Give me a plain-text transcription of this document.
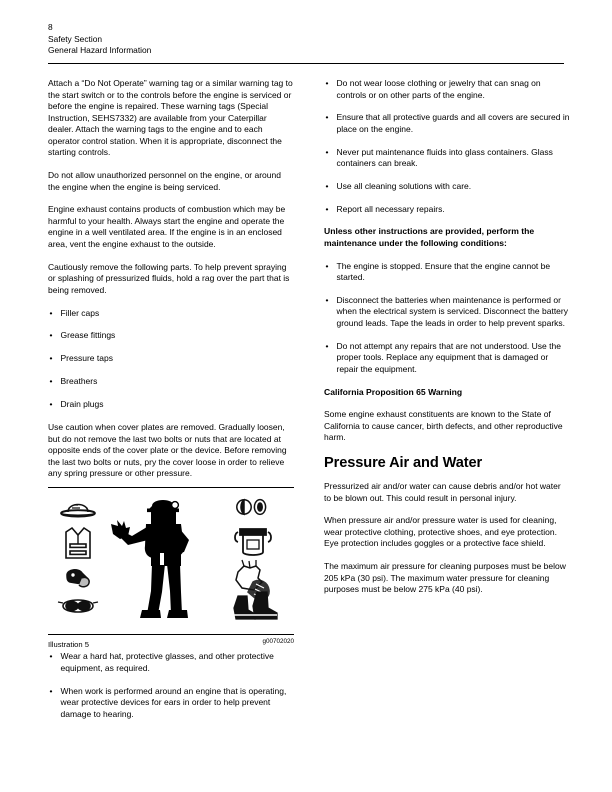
8
Safety Section
General Hazard Information

Attach a “Do Not Operate” warning tag or a similar warning tag to the start switch or to the controls before the engine is serviced or before the engine is repaired. These warning tags (Special Instruction, SEHS7332) are available from your Caterpillar dealer. Attach the warning tags to the engine and to each operator control station. When it is appropriate, disconnect the starting controls.

Do not allow unauthorized personnel on the engine, or around the engine when the engine is being serviced.

Engine exhaust contains products of combustion which may be harmful to your health. Always start the engine and operate the engine in a well ventilated area. If the engine is in an enclosed area, vent the engine exhaust to the outside.

Cautiously remove the following parts. To help prevent spraying or splashing of pressurized fluids, hold a rag over the part that is being removed.

• Filler caps
• Grease fittings
• Pressure taps
• Breathers
• Drain plugs

Use caution when cover plates are removed. Gradually loosen, but do not remove the last two bolts or nuts that are located at opposite ends of the cover plate or the device. Before removing the last two bolts or nuts, pry the cover loose in order to relieve any spring pressure or other pressure.

Illustration 5	g00702020
• Wear a hard hat, protective glasses, and other protective equipment, as required.
• When work is performed around an engine that is operating, wear protective devices for ears in order to help prevent damage to hearing.
• Do not wear loose clothing or jewelry that can snag on controls or on other parts of the engine.
• Ensure that all protective guards and all covers are secured in place on the engine.
• Never put maintenance fluids into glass containers. Glass containers can break.
• Use all cleaning solutions with care.
• Report all necessary repairs.

Unless other instructions are provided, perform the maintenance under the following conditions:

• The engine is stopped. Ensure that the engine cannot be started.
• Disconnect the batteries when maintenance is performed or when the electrical system is serviced. Disconnect the battery ground leads. Tape the leads in order to help prevent sparks.
• Do not attempt any repairs that are not understood. Use the proper tools. Replace any equipment that is damaged or repair the equipment.
California Proposition 65 Warning

Some engine exhaust constituents are known to the State of California to cause cancer, birth defects, and other reproductive harm.

Pressure Air and Water

Pressurized air and/or water can cause debris and/or hot water to be blown out. This could result in personal injury.

When pressure air and/or pressure water is used for cleaning, wear protective clothing, protective shoes, and eye protection. Eye protection includes goggles or a protective face shield.

The maximum air pressure for cleaning purposes must be below 205 kPa (30 psi). The maximum water pressure for cleaning purposes must be below 275 kPa (40 psi).
